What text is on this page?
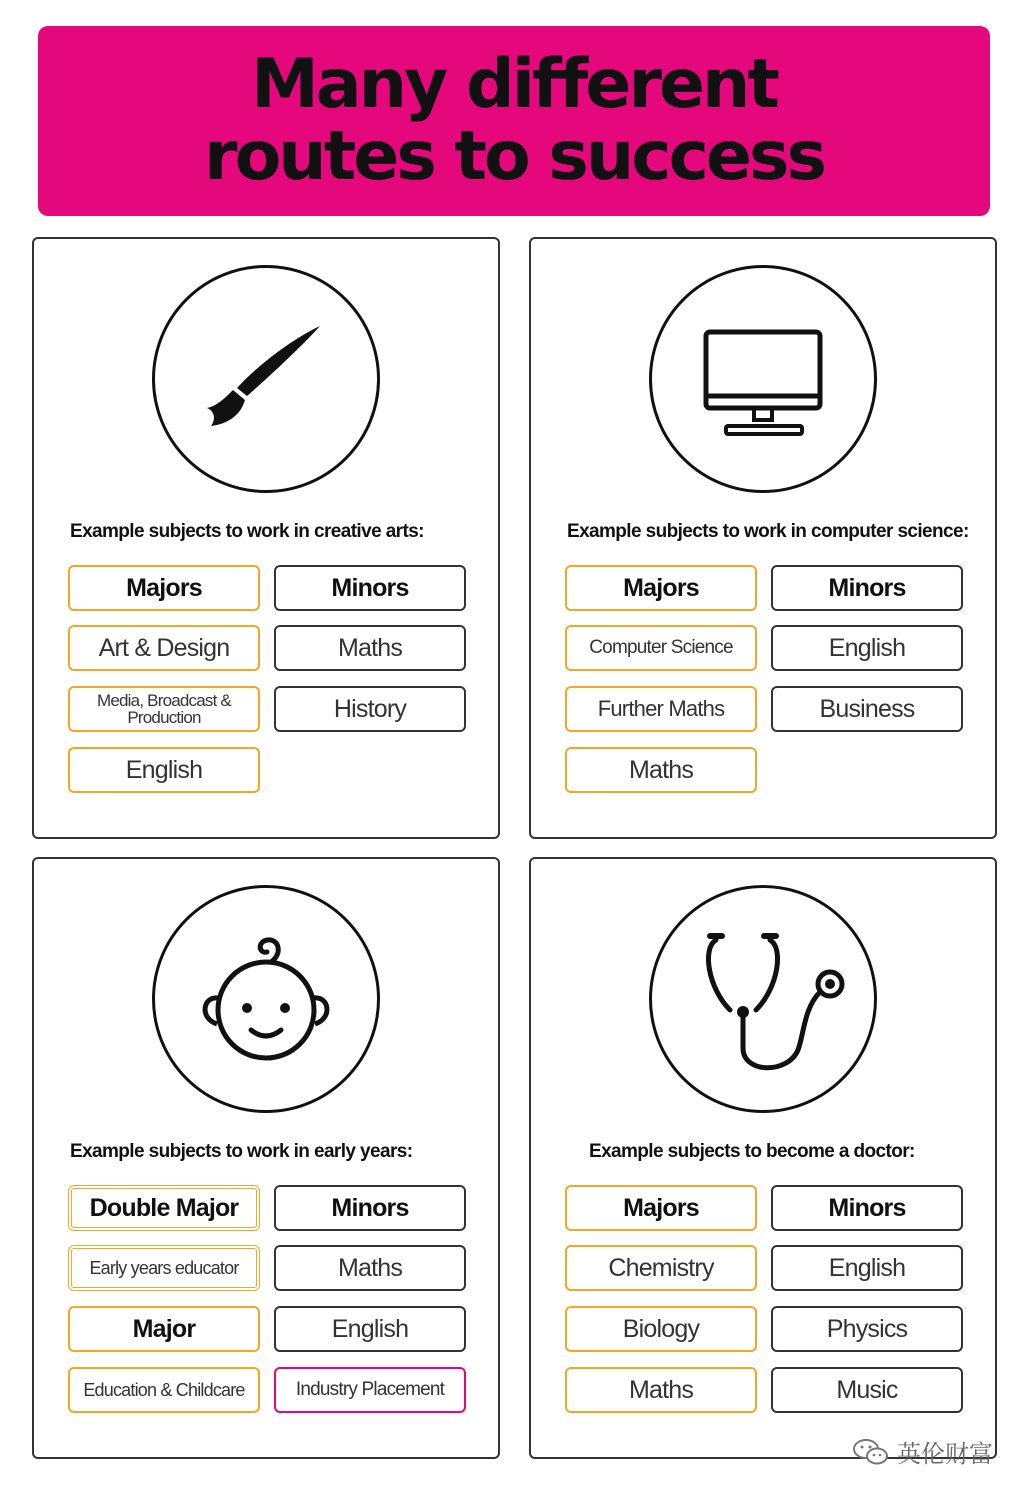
Many different
routes to success
Example subjects to work in creative arts:
Majors
Art & Design
Media, Broadcast & Production
English
Minors
Maths
History
Example subjects to work in computer science:
Majors
Computer Science
Further Maths
Maths
Minors
English
Business
Example subjects to work in early years:
Double Major
Early years educator
Major
Education & Childcare
Minors
Maths
English
Industry Placement
Example subjects to become a doctor:
Majors
Chemistry
Biology
Maths
Minors
English
Physics
Music
英伦财富
